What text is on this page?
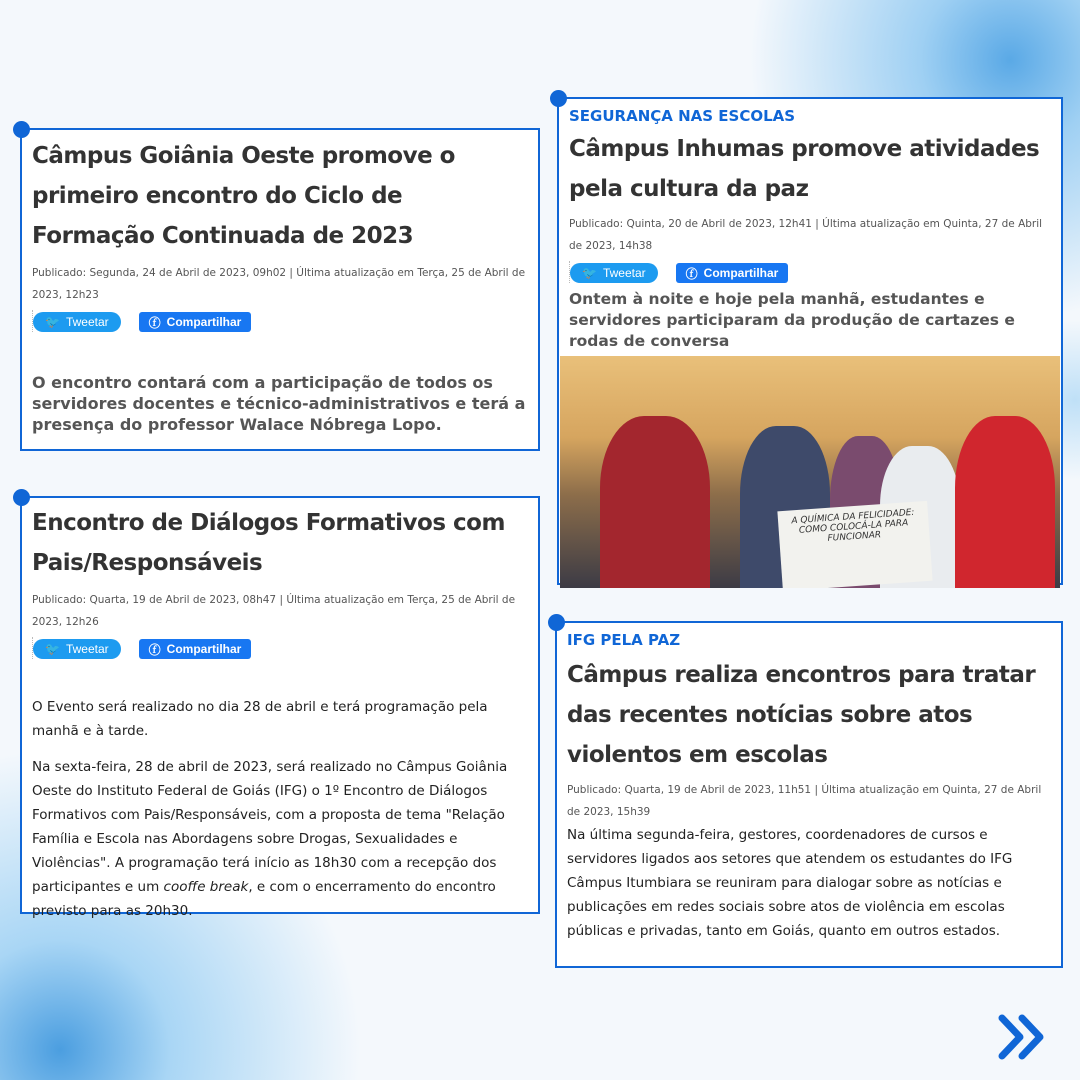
Câmpus Goiânia Oeste promove o primeiro encontro do Ciclo de Formação Continuada de 2023
Publicado: Segunda, 24 de Abril de 2023, 09h02 | Última atualização em Terça, 25 de Abril de 2023, 12h23
🐦 Tweetar	ⓕ Compartilhar
O encontro contará com a participação de todos os servidores docentes e técnico-administrativos e terá a presença do professor Walace Nóbrega Lopo.
Encontro de Diálogos Formativos com Pais/Responsáveis
Publicado: Quarta, 19 de Abril de 2023, 08h47 | Última atualização em Terça, 25 de Abril de 2023, 12h26
🐦 Tweetar	ⓕ Compartilhar
O Evento será realizado no dia 28 de abril e terá programação pela manhã e à tarde.
Na sexta-feira, 28 de abril de 2023, será realizado no Câmpus Goiânia Oeste do Instituto Federal de Goiás (IFG) o 1º Encontro de Diálogos Formativos com Pais/Responsáveis, com a proposta de tema "Relação Família e Escola nas Abordagens sobre Drogas, Sexualidades e Violências". A programação terá início as 18h30 com a recepção dos participantes e um cooffe break, e com o encerramento do encontro previsto para as 20h30.
SEGURANÇA NAS ESCOLAS
Câmpus Inhumas promove atividades pela cultura da paz
Publicado: Quinta, 20 de Abril de 2023, 12h41 | Última atualização em Quinta, 27 de Abril de 2023, 14h38
🐦 Tweetar	ⓕ Compartilhar
Ontem à noite e hoje pela manhã, estudantes e servidores participaram da produção de cartazes e rodas de conversa
A QUÍMICA DA FELICIDADE: COMO COLOCÁ-LA PARA FUNCIONAR
IFG PELA PAZ
Câmpus realiza encontros para tratar das recentes notícias sobre atos violentos em escolas
Publicado: Quarta, 19 de Abril de 2023, 11h51 | Última atualização em Quinta, 27 de Abril de 2023, 15h39
Na última segunda-feira, gestores, coordenadores de cursos e servidores ligados aos setores que atendem os estudantes do IFG Câmpus Itumbiara se reuniram para dialogar sobre as notícias e publicações em redes sociais sobre atos de violência em escolas públicas e privadas, tanto em Goiás, quanto em outros estados.
